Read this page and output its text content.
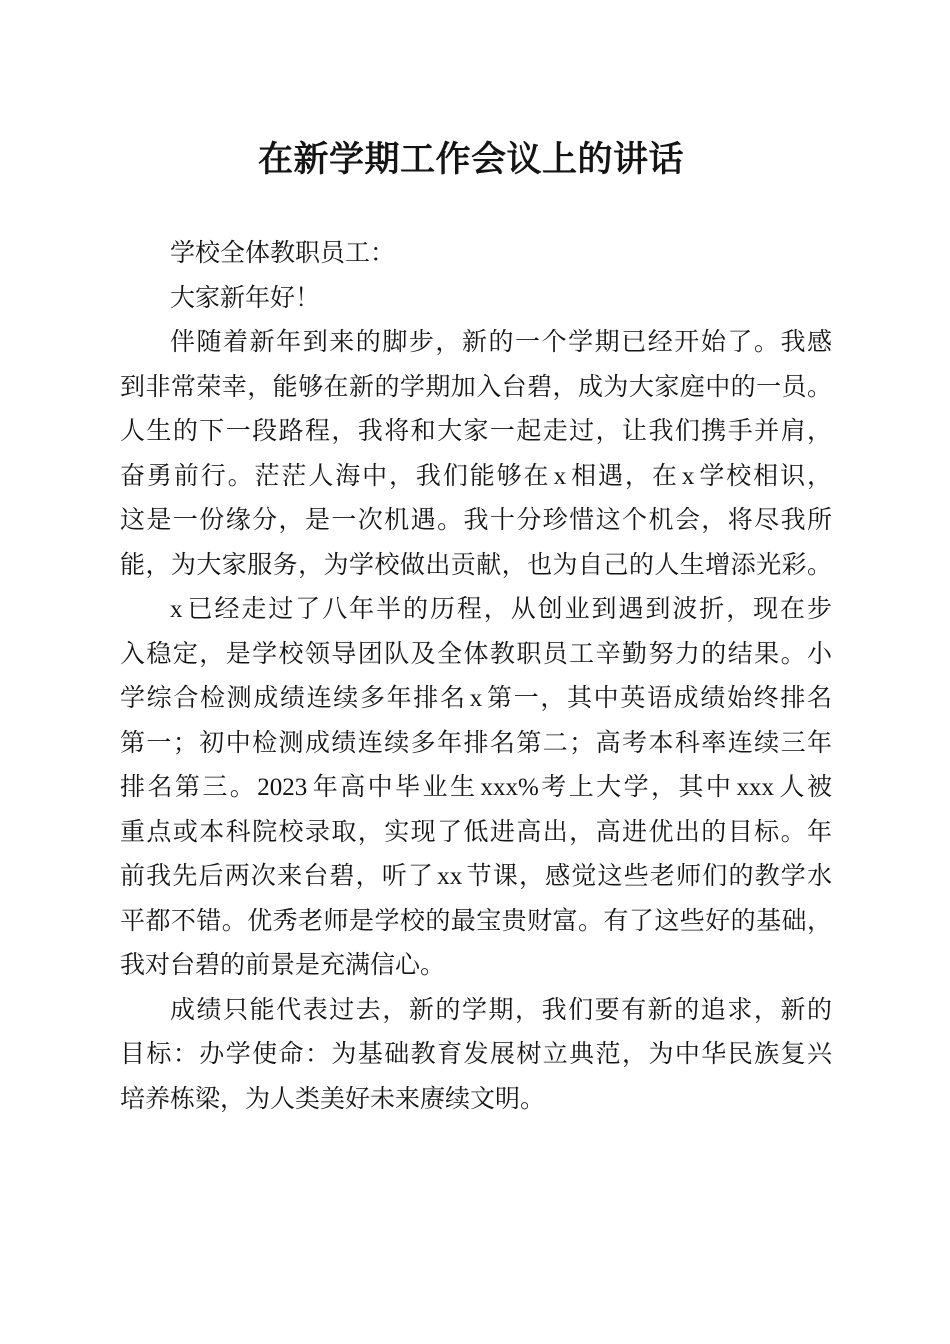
在新学期工作会议上的讲话
学校全体教职员工：
大家新年好！
伴随着新年到来的脚步，新的一个学期已经开始了。我感
到非常荣幸，能够在新的学期加入台碧，成为大家庭中的一员。
人生的下一段路程，我将和大家一起走过，让我们携手并肩，
奋勇前行。茫茫人海中，我们能够在x相遇，在x学校相识，
这是一份缘分，是一次机遇。我十分珍惜这个机会，将尽我所
能，为大家服务，为学校做出贡献，也为自己的人生增添光彩。
x已经走过了八年半的历程，从创业到遇到波折，现在步
入稳定，是学校领导团队及全体教职员工辛勤努力的结果。小
学综合检测成绩连续多年排名x第一，其中英语成绩始终排名
第一；初中检测成绩连续多年排名第二；高考本科率连续三年
排名第三。2023年高中毕业生xxx%考上大学，其中xxx人被
重点或本科院校录取，实现了低进高出，高进优出的目标。年
前我先后两次来台碧，听了xx节课，感觉这些老师们的教学水
平都不错。优秀老师是学校的最宝贵财富。有了这些好的基础，
我对台碧的前景是充满信心。
成绩只能代表过去，新的学期，我们要有新的追求，新的
目标：办学使命：为基础教育发展树立典范，为中华民族复兴
培养栋梁，为人类美好未来赓续文明。
